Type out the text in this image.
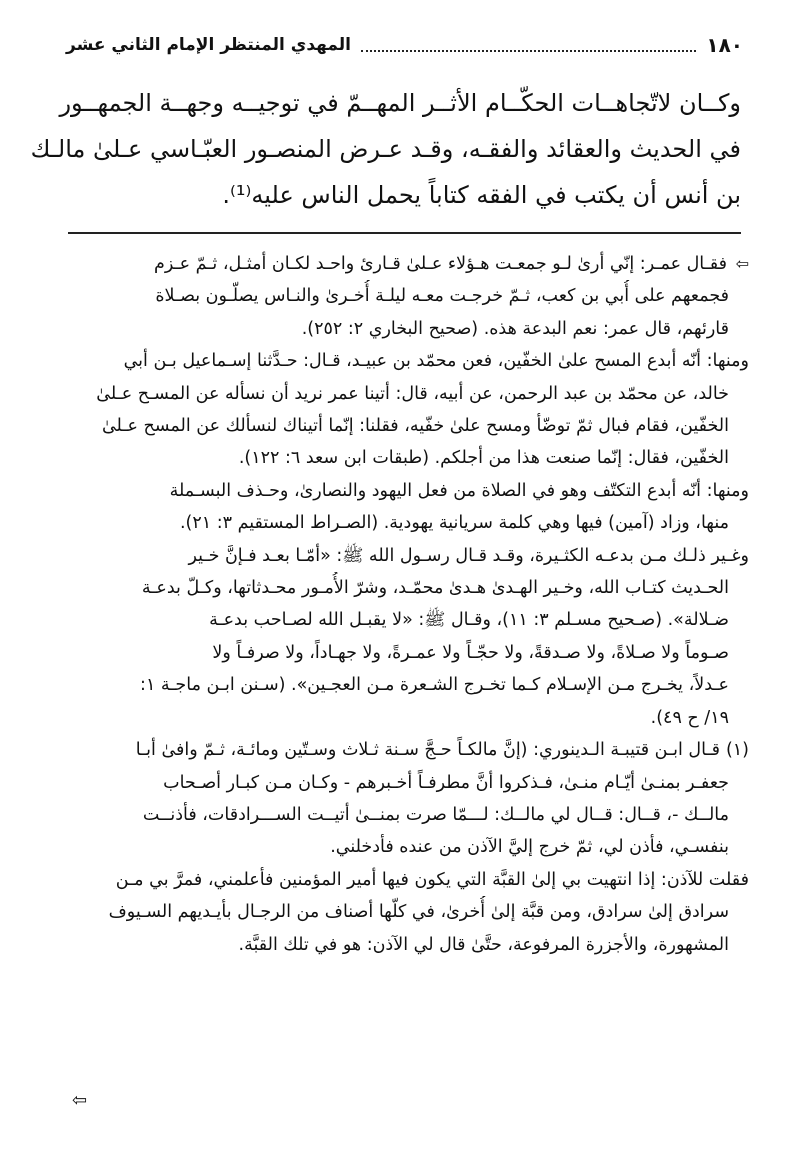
١٨٠
المهدي المنتظر الإمام الثاني عشر
وكــان لاتّجاهــات الحكّــام الأثــر المهــمّ في توجيــه وجهــة الجمهــور
في الحديث والعقائد والفقـه، وقـد عـرض المنصـور العبّـاسي عـلىٰ مالـك
بن أنس أن يكتب في الفقه كتاباً يحمل الناس عليه⁽¹⁾.
⇦فقـال عمـر: إنّي أرىٰ لـو جمعـت هـؤلاء عـلىٰ قـارئ واحـد لكـان أمثـل، ثـمّ عـزم
فجمعهم على أُبي بن كعب، ثـمّ خرجـت معـه ليلـة أُخـرىٰ والنـاس يصلّـون بصـلاة
قارئهم، قال عمر: نعم البدعة هذه. (صحيح البخاري ٢: ٢٥٢).
ومنها: أنّه أبدع المسح علىٰ الخفّين، فعن محمّد بن عبيـد، قـال: حـدَّثنا إسـماعيل بـن أبي
خالد، عن محمّد بن عبد الرحمن، عن أبيه، قال: أتينا عمر نريد أن نسأله عن المسـح عـلىٰ
الخفّين، فقام فبال ثمّ توضّأ ومسح علىٰ خفّيه، فقلنا: إنّما أتيناك لنسألك عن المسح عـلىٰ
الخفّين، فقال: إنّما صنعت هذا من أجلكم. (طبقات ابن سعد ٦: ١٢٢).
ومنها: أنّه أبدع التكتّف وهو في الصلاة من فعل اليهود والنصارىٰ، وحـذف البسـملة
منها، وزاد (آمين) فيها وهي كلمة سريانية يهودية. (الصـراط المستقيم ٣: ٢١).
وغـير ذلـك مـن بدعـه الكثـيرة، وقـد قـال رسـول الله ﷺ: «أمّـا بعـد فـإنَّ خـير
الحـديث كتـاب الله، وخـير الهـدىٰ هـدىٰ محمّـد، وشرّ الأُمـور محـدثاتها، وكـلّ بدعـة
ضـلالة». (صـحيح مسـلم ٣: ١١)، وقـال ﷺ: «لا يقبـل الله لصـاحب بدعـة
صـوماً ولا صـلاةً، ولا صـدقةً، ولا حجّـاً ولا عمـرةً، ولا جهـاداً، ولا صرفـاً ولا
عـدلاً، يخـرج مـن الإسـلام كـما تخـرج الشـعرة مـن العجـين». (سـنن ابـن ماجـة ١:
١٩/ ح ٤٩).
(١)قـال ابـن قتيبـة الـدينوري: (إنَّ مالكـاً حـجَّ سـنة ثـلاث وسـتّين ومائـة، ثـمّ وافىٰ أبـا
جعفـر بمنـىٰ أيّـام منـىٰ، فـذكروا أنَّ مطرفـاً أخـبرهم - وكـان مـن كبـار أصـحاب
مالــك -، قــال: قــال لي مالــك: لـــمّا صرت بمنــىٰ أتيــت الســـرادقات، فأذنــت
بنفسـي، فأذن لي، ثمّ خرج إليَّ الآذن من عنده فأدخلني.
فقلت للآذن: إذا انتهيت بي إلىٰ القبَّة التي يكون فيها أمير المؤمنين فأعلمني، فمرَّ بي مـن
سرادق إلىٰ سرادق، ومن قبَّة إلىٰ أُخرىٰ، في كلّها أصناف من الرجـال بأيـديهم السـيوف
المشهورة، والأجزرة المرفوعة، حتَّىٰ قال لي الآذن: هو في تلك القبَّة.
⇦
